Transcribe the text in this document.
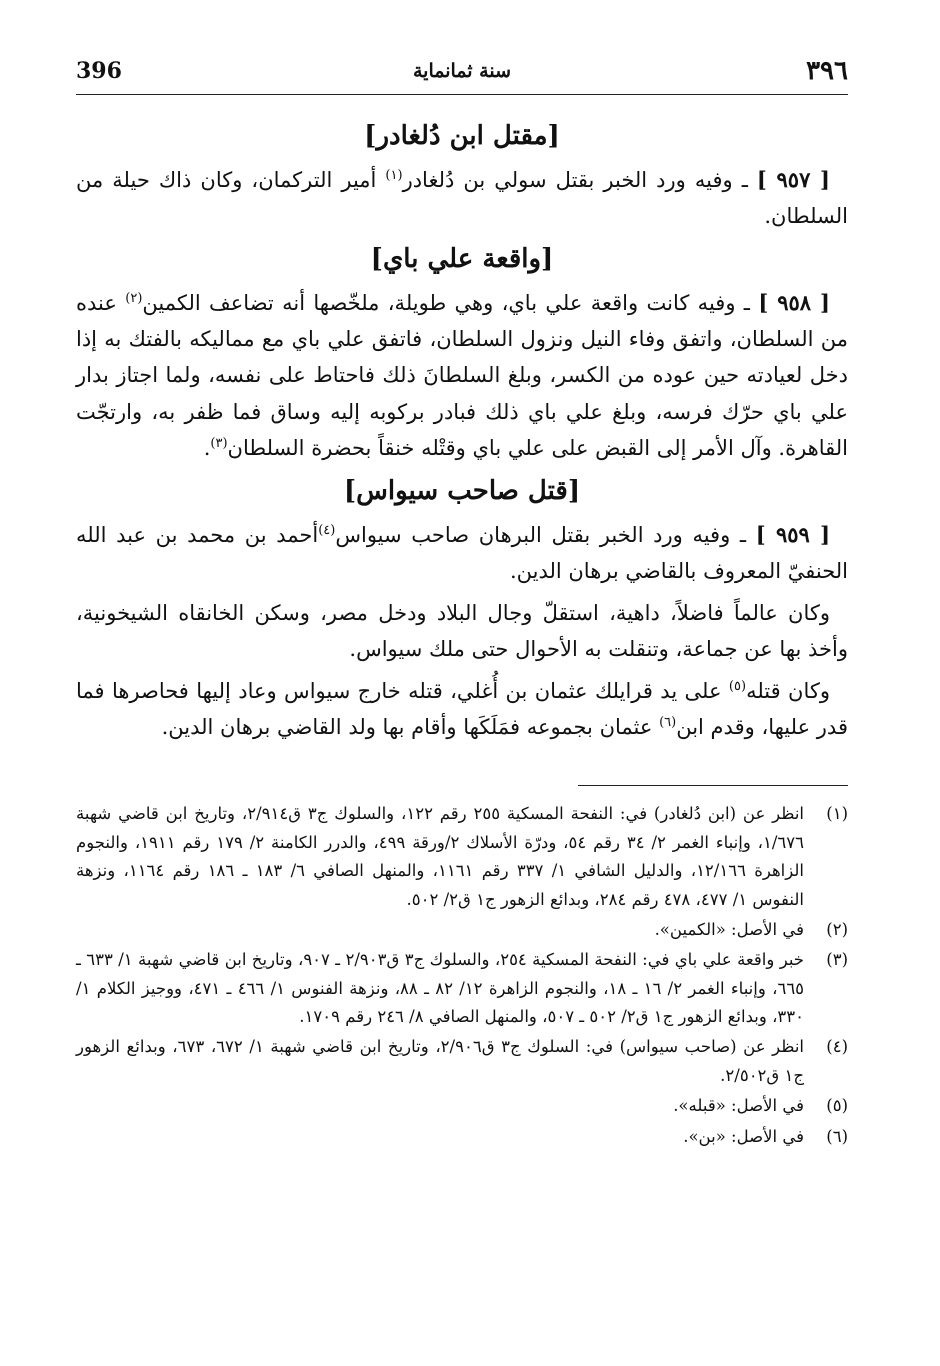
٣٩٦
سنة ثمانماية
396
[مقتل ابن دُلغادر]

[ ٩٥٧ ] ـ وفيه ورد الخبر بقتل سولي بن دُلغادر$^{(١)}$ أمير التركمان، وكان ذاك حيلة من السلطان.

[واقعة علي باي]

[ ٩٥٨ ] ـ وفيه كانت واقعة علي باي، وهي طويلة، ملخّصها أنه تضاعف الكمين$^{(٢)}$ عنده من السلطان، واتفق وفاء النيل ونزول السلطان، فاتفق علي باي مع مماليكه بالفتك به إذا دخل لعيادته حين عوده من الكسر، وبلغ السلطانَ ذلك فاحتاط على نفسه، ولما اجتاز بدار علي باي حرّك فرسه، وبلغ علي باي ذلك فبادر بركوبه إليه وساق فما ظفر به، وارتجّت القاهرة. وآل الأمر إلى القبض على علي باي وقتْله خنقاً بحضرة السلطان$^{(٣)}$.

[قتل صاحب سيواس]

[ ٩٥٩ ] ـ وفيه ورد الخبر بقتل البرهان صاحب سيواس$^{(٤)}$أحمد بن محمد بن عبد الله الحنفيّ المعروف بالقاضي برهان الدين.

وكان عالماً فاضلاً، داهية، استقلّ وجال البلاد ودخل مصر، وسكن الخانقاه الشيخونية، وأخذ بها عن جماعة، وتنقلت به الأحوال حتى ملك سيواس.

وكان قتله$^{(٥)}$ على يد قرايلك عثمان بن أُغلي، قتله خارج سيواس وعاد إليها فحاصرها فما قدر عليها، وقدم ابن$^{(٦)}$ عثمان بجموعه فمَلَكَها وأقام بها ولد القاضي برهان الدين.

(١)
انظر عن (ابن دُلغادر) في: النفحة المسكية ٢٥٥ رقم ١٢٢، والسلوك ج٣ ق٢/٩١٤، وتاريخ ابن قاضي شهبة ١/٦٧٦، وإنباء الغمر ٢/ ٣٤ رقم ٥٤، ودرّة الأسلاك ٢/ورقة ٤٩٩، والدرر الكامنة ٢/ ١٧٩ رقم ١٩١١، والنجوم الزاهرة ١٢/١٦٦، والدليل الشافي ١/ ٣٣٧ رقم ١١٦١، والمنهل الصافي ٦/ ١٨٣ ـ ١٨٦ رقم ١١٦٤، ونزهة النفوس ١/ ٤٧٧، ٤٧٨ رقم ٢٨٤، وبدائع الزهور ج١ ق٢/ ٥٠٢.
(٢)
في الأصل: «الكمين».
(٣)
خبر واقعة علي باي في: النفحة المسكية ٢٥٤، والسلوك ج٣ ق٢/٩٠٣ ـ ٩٠٧، وتاريخ ابن قاضي شهبة ١/ ٦٣٣ ـ ٦٦٥، وإنباء الغمر ٢/ ١٦ ـ ١٨، والنجوم الزاهرة ١٢/ ٨٢ ـ ٨٨، ونزهة الفنوس ١/ ٤٦٦ ـ ٤٧١، ووجيز الكلام ١/ ٣٣٠، وبدائع الزهور ج١ ق٢/ ٥٠٢ ـ ٥٠٧، والمنهل الصافي ٨/ ٢٤٦ رقم ١٧٠٩.
(٤)
انظر عن (صاحب سيواس) في: السلوك ج٣ ق٢/٩٠٦، وتاريخ ابن قاضي شهبة ١/ ٦٧٢، ٦٧٣، وبدائع الزهور ج١ ق٢/٥٠٢.
(٥)
في الأصل: «قبله».
(٦)
في الأصل: «بن».
